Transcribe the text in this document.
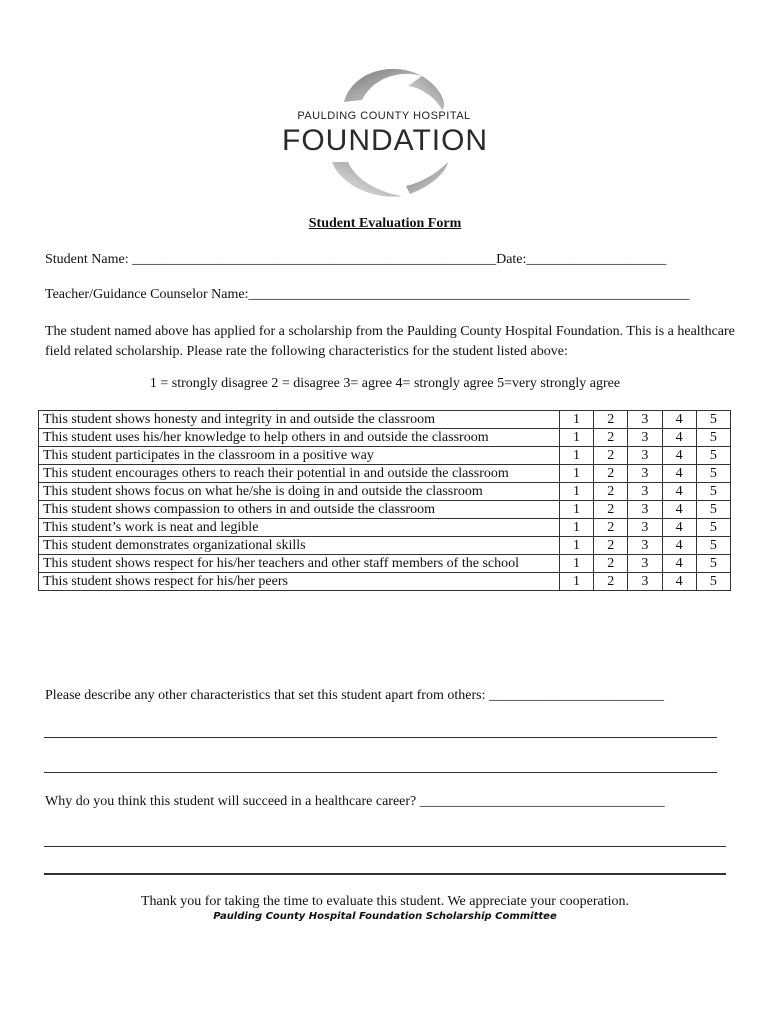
PAULDING COUNTY HOSPITAL
FOUNDATION
Student Evaluation Form
Student Name: ____________________________________________________Date:____________________
Teacher/Guidance Counselor Name:_______________________________________________________________
The student named above has applied for a scholarship from the Paulding County Hospital Foundation. This is a healthcare field related scholarship. Please rate the following characteristics for the student listed above:
1 = strongly disagree 2 = disagree 3= agree 4= strongly agree 5=very strongly agree
This student shows honesty and integrity in and outside the classroom	1	2	3	4	5
This student uses his/her knowledge to help others in and outside the classroom	1	2	3	4	5
This student participates in the classroom in a positive way	1	2	3	4	5
This student encourages others to reach their potential in and outside the classroom	1	2	3	4	5
This student shows focus on what he/she is doing in and outside the classroom	1	2	3	4	5
This student shows compassion to others in and outside the classroom	1	2	3	4	5
This student’s work is neat and legible	1	2	3	4	5
This student demonstrates organizational skills	1	2	3	4	5
This student shows respect for his/her teachers and other staff members of the school	1	2	3	4	5
This student shows respect for his/her peers	1	2	3	4	5
Please describe any other characteristics that set this student apart from others: _________________________
Why do you think this student will succeed in a healthcare career? ___________________________________
Thank you for taking the time to evaluate this student. We appreciate your cooperation.
Paulding County Hospital Foundation Scholarship Committee
